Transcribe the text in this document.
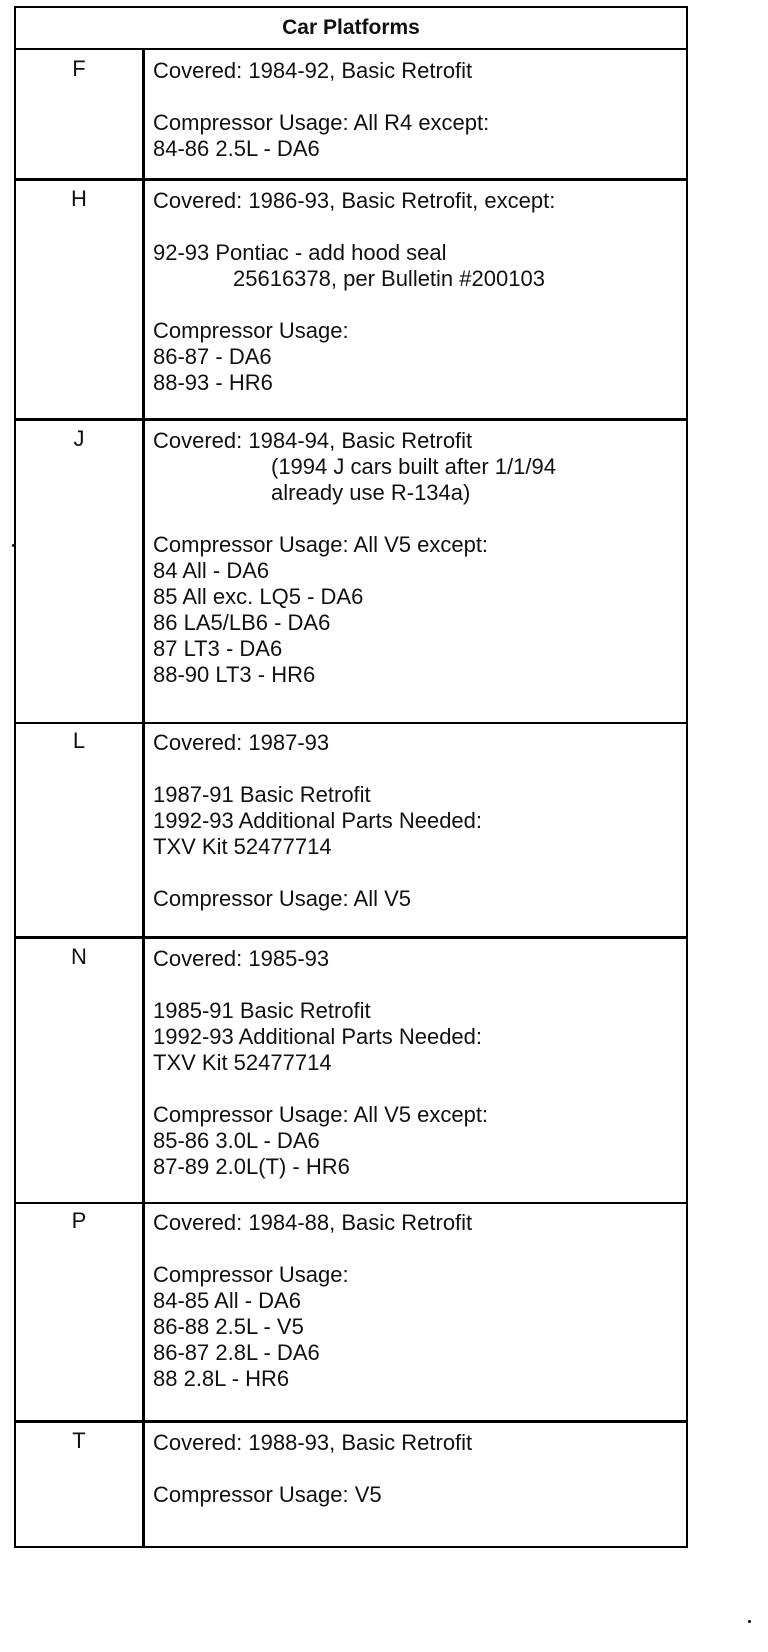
Car Platforms
F	Covered: 1984-92, Basic Retrofit
Compressor Usage: All R4 except:
84-86 2.5L - DA6
H	Covered: 1986-93, Basic Retrofit, except:
92-93 Pontiac - add hood seal
25616378, per Bulletin #200103
Compressor Usage:
86-87 - DA6
88-93 - HR6
J	Covered: 1984-94, Basic Retrofit
(1994 J cars built after 1/1/94
already use R-134a)
Compressor Usage: All V5 except:
84 All - DA6
85 All exc. LQ5 - DA6
86 LA5/LB6 - DA6
87 LT3 - DA6
88-90 LT3 - HR6
L	Covered: 1987-93
1987-91 Basic Retrofit
1992-93 Additional Parts Needed:
TXV Kit 52477714
Compressor Usage: All V5
N	Covered: 1985-93
1985-91 Basic Retrofit
1992-93 Additional Parts Needed:
TXV Kit 52477714
Compressor Usage: All V5 except:
85-86 3.0L - DA6
87-89 2.0L(T) - HR6
P	Covered: 1984-88, Basic Retrofit
Compressor Usage:
84-85 All - DA6
86-88 2.5L - V5
86-87 2.8L - DA6
88 2.8L - HR6
T	Covered: 1988-93, Basic Retrofit
Compressor Usage: V5
